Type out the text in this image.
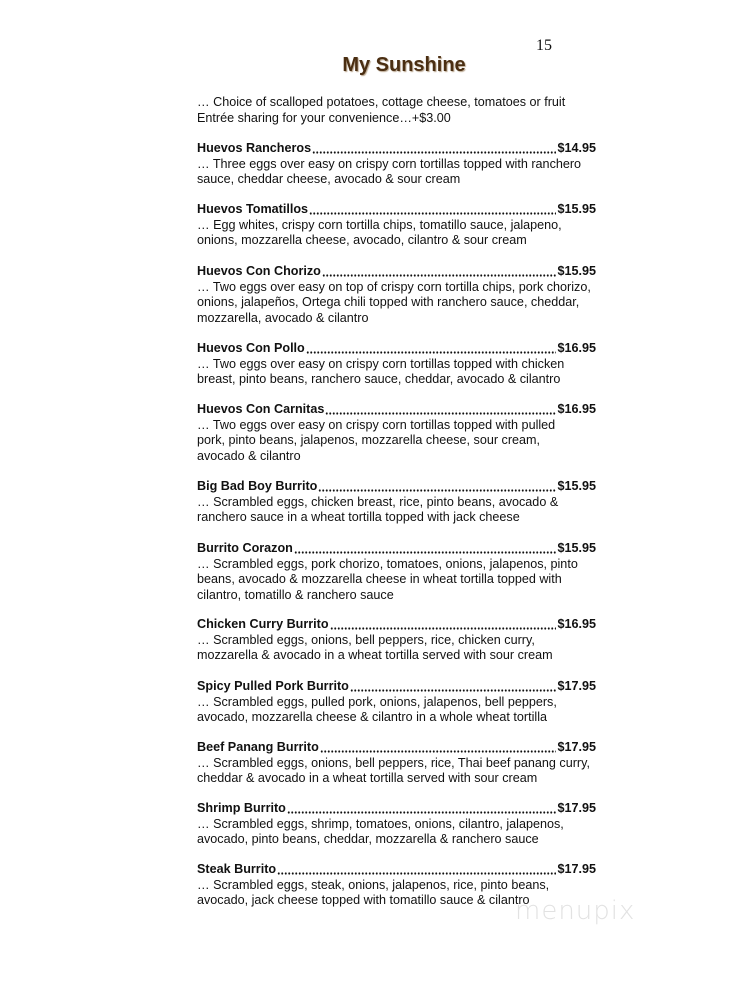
15
My Sunshine
… Choice of scalloped potatoes, cottage cheese, tomatoes or fruit
Entrée sharing for your convenience…+$3.00
Huevos Rancheros	$14.95
… Three eggs over easy on crispy corn tortillas topped with ranchero
sauce, cheddar cheese, avocado & sour cream
Huevos Tomatillos	$15.95
… Egg whites, crispy corn tortilla chips, tomatillo sauce, jalapeno,
onions, mozzarella cheese, avocado, cilantro & sour cream
Huevos Con Chorizo	$15.95
… Two eggs over easy on top of crispy corn tortilla chips, pork chorizo,
onions, jalapeños, Ortega chili topped with ranchero sauce, cheddar,
mozzarella, avocado & cilantro
Huevos Con Pollo	$16.95
… Two eggs over easy on crispy corn tortillas topped with chicken
breast, pinto beans, ranchero sauce, cheddar, avocado & cilantro
Huevos Con Carnitas	$16.95
… Two eggs over easy on crispy corn tortillas topped with pulled
pork, pinto beans, jalapenos, mozzarella cheese, sour cream,
avocado & cilantro
Big Bad Boy Burrito	$15.95
… Scrambled eggs, chicken breast, rice, pinto beans, avocado &
ranchero sauce in a wheat tortilla topped with jack cheese
Burrito Corazon	$15.95
… Scrambled eggs, pork chorizo, tomatoes, onions, jalapenos, pinto
beans, avocado & mozzarella cheese in wheat tortilla topped with
cilantro, tomatillo & ranchero sauce
Chicken Curry Burrito	$16.95
… Scrambled eggs, onions, bell peppers, rice, chicken curry,
mozzarella & avocado in a wheat tortilla served with sour cream
Spicy Pulled Pork Burrito	$17.95
… Scrambled eggs, pulled pork, onions, jalapenos, bell peppers,
avocado, mozzarella cheese & cilantro in a whole wheat tortilla
Beef Panang Burrito	$17.95
… Scrambled eggs, onions, bell peppers, rice, Thai beef panang curry,
cheddar & avocado in a wheat tortilla served with sour cream
Shrimp Burrito	$17.95
… Scrambled eggs, shrimp, tomatoes, onions, cilantro, jalapenos,
avocado, pinto beans, cheddar, mozzarella & ranchero sauce
Steak Burrito	$17.95
… Scrambled eggs, steak, onions, jalapenos, rice, pinto beans,
avocado, jack cheese topped with tomatillo sauce & cilantro
menupix
